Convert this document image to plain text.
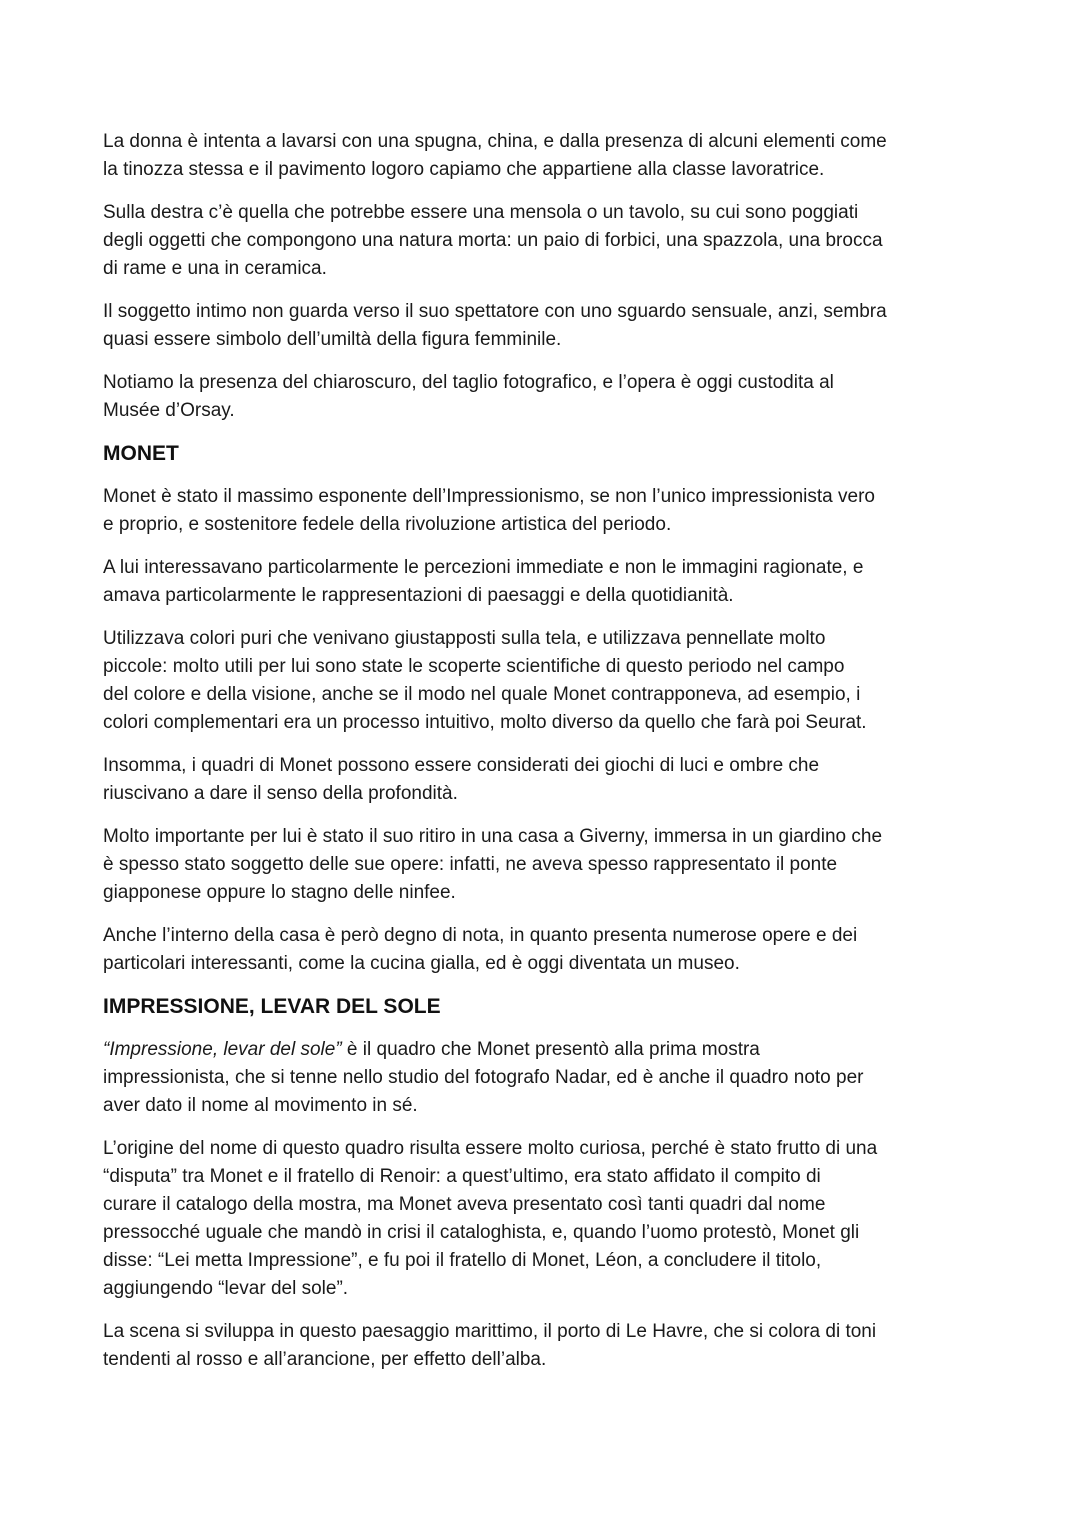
La donna è intenta a lavarsi con una spugna, china, e dalla presenza di alcuni elementi come
la tinozza stessa e il pavimento logoro capiamo che appartiene alla classe lavoratrice.
Sulla destra c’è quella che potrebbe essere una mensola o un tavolo, su cui sono poggiati
degli oggetti che compongono una natura morta: un paio di forbici, una spazzola, una brocca
di rame e una in ceramica.
Il soggetto intimo non guarda verso il suo spettatore con uno sguardo sensuale, anzi, sembra
quasi essere simbolo dell’umiltà della figura femminile.
Notiamo la presenza del chiaroscuro, del taglio fotografico, e l’opera è oggi custodita al
Musée d’Orsay.
MONET
Monet è stato il massimo esponente dell’Impressionismo, se non l’unico impressionista vero
e proprio, e sostenitore fedele della rivoluzione artistica del periodo.
A lui interessavano particolarmente le percezioni immediate e non le immagini ragionate, e
amava particolarmente le rappresentazioni di paesaggi e della quotidianità.
Utilizzava colori puri che venivano giustapposti sulla tela, e utilizzava pennellate molto
piccole: molto utili per lui sono state le scoperte scientifiche di questo periodo nel campo
del colore e della visione, anche se il modo nel quale Monet contrapponeva, ad esempio, i
colori complementari era un processo intuitivo, molto diverso da quello che farà poi Seurat.
Insomma, i quadri di Monet possono essere considerati dei giochi di luci e ombre che
riuscivano a dare il senso della profondità.
Molto importante per lui è stato il suo ritiro in una casa a Giverny, immersa in un giardino che
è spesso stato soggetto delle sue opere: infatti, ne aveva spesso rappresentato il ponte
giapponese oppure lo stagno delle ninfee.
Anche l’interno della casa è però degno di nota, in quanto presenta numerose opere e dei
particolari interessanti, come la cucina gialla, ed è oggi diventata un museo.
IMPRESSIONE, LEVAR DEL SOLE
“Impressione, levar del sole” è il quadro che Monet presentò alla prima mostra
impressionista, che si tenne nello studio del fotografo Nadar, ed è anche il quadro noto per
aver dato il nome al movimento in sé.
L’origine del nome di questo quadro risulta essere molto curiosa, perché è stato frutto di una
“disputa” tra Monet e il fratello di Renoir: a quest’ultimo, era stato affidato il compito di
curare il catalogo della mostra, ma Monet aveva presentato così tanti quadri dal nome
pressocché uguale che mandò in crisi il cataloghista, e, quando l’uomo protestò, Monet gli
disse: “Lei metta Impressione”, e fu poi il fratello di Monet, Léon, a concludere il titolo,
aggiungendo “levar del sole”.
La scena si sviluppa in questo paesaggio marittimo, il porto di Le Havre, che si colora di toni
tendenti al rosso e all’arancione, per effetto dell’alba.
